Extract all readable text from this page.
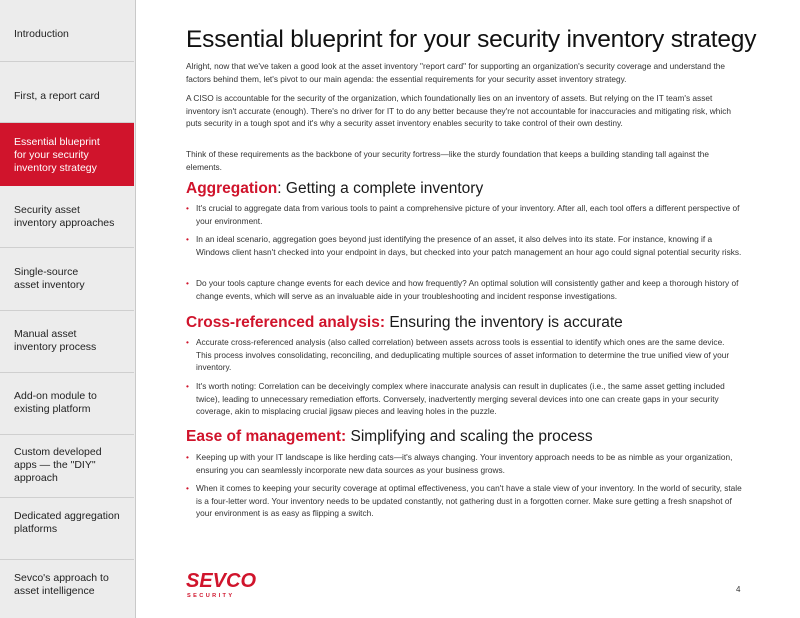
Introduction
First, a report card
Essential blueprint
for your security
inventory strategy
Security asset
inventory approaches
Single-source
asset inventory
Manual asset
inventory process
Add-on module to
existing platform
Custom developed
apps — the "DIY"
approach
Dedicated aggregation
platforms
Sevco's approach to
asset intelligence
Essential blueprint for your security inventory strategy

Alright, now that we've taken a good look at the asset inventory "report card" for supporting an organization's security coverage and understand the factors behind them, let's pivot to our main agenda: the essential requirements for your security asset inventory strategy.

A CISO is accountable for the security of the organization, which foundationally lies on an inventory of assets. But relying on the IT team's asset inventory isn't accurate (enough). There's no driver for IT to do any better because they're not accountable for inaccuracies and mitigating risk, which puts security in a tough spot and it's why a security asset inventory enables security to take control of their own destiny.

Think of these requirements as the backbone of your security fortress—like the sturdy foundation that keeps a building standing tall against the elements.

Aggregation: Getting a complete inventory

• It's crucial to aggregate data from various tools to paint a comprehensive picture of your inventory. After all, each tool offers a different perspective of your environment.

• In an ideal scenario, aggregation goes beyond just identifying the presence of an asset, it also delves into its state. For instance, knowing if a Windows client hasn't checked into your endpoint in days, but checked into your patch management an hour ago could signal potential security risks.

• Do your tools capture change events for each device and how frequently? An optimal solution will consistently gather and keep a thorough history of change events, which will serve as an invaluable aide in your troubleshooting and incident response investigations.

Cross-referenced analysis: Ensuring the inventory is accurate

• Accurate cross-referenced analysis (also called correlation) between assets across tools is essential to identify which ones are the same device. This process involves consolidating, reconciling, and deduplicating multiple sources of asset information to determine the true unified view of your inventory.

• It's worth noting: Correlation can be deceivingly complex where inaccurate analysis can result in duplicates (i.e., the same asset getting included twice), leading to unnecessary remediation efforts. Conversely, inadvertently merging several devices into one can create gaps in your security coverage, akin to misplacing crucial jigsaw pieces and leaving holes in the puzzle.

Ease of management: Simplifying and scaling the process

• Keeping up with your IT landscape is like herding cats—it's always changing. Your inventory approach needs to be as nimble as your organization, ensuring you can seamlessly incorporate new data sources as your business grows.

• When it comes to keeping your security coverage at optimal effectiveness, you can't have a stale view of your inventory. In the world of security, stale is a four-letter word. Your inventory needs to be updated constantly, not gathering dust in a forgotten corner. Make sure getting a fresh snapshot of your environment is as easy as flipping a switch.

SEVCO
SECURITY
4
